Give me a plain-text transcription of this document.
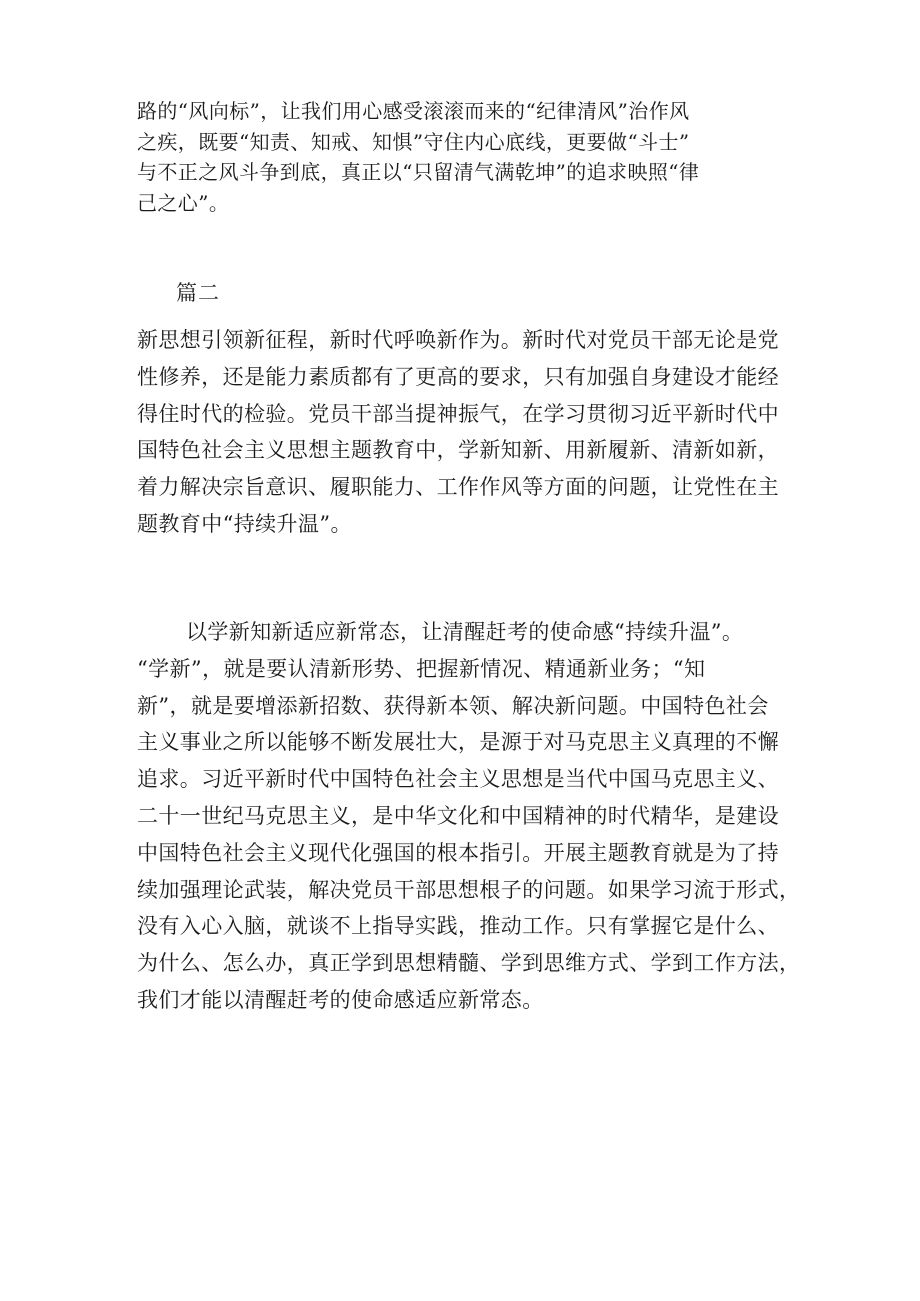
路的“风向标”，让我们用心感受滚滚而来的“纪律清风”治作风
之疾，既要“知责、知戒、知惧”守住内心底线，更要做“斗士”
与不正之风斗争到底，真正以“只留清气满乾坤”的追求映照“律
己之心”。
篇二
新思想引领新征程，新时代呼唤新作为。新时代对党员干部无论是党
性修养，还是能力素质都有了更高的要求，只有加强自身建设才能经
得住时代的检验。党员干部当提神振气，在学习贯彻习近平新时代中
国特色社会主义思想主题教育中，学新知新、用新履新、清新如新，
着力解决宗旨意识、履职能力、工作作风等方面的问题，让党性在主
题教育中“持续升温”。
以学新知新适应新常态，让清醒赶考的使命感“持续升温”。
“学新”，就是要认清新形势、把握新情况、精通新业务；“知
新”，就是要增添新招数、获得新本领、解决新问题。中国特色社会
主义事业之所以能够不断发展壮大，是源于对马克思主义真理的不懈
追求。习近平新时代中国特色社会主义思想是当代中国马克思主义、
二十一世纪马克思主义，是中华文化和中国精神的时代精华，是建设
中国特色社会主义现代化强国的根本指引。开展主题教育就是为了持
续加强理论武装，解决党员干部思想根子的问题。如果学习流于形式，
没有入心入脑，就谈不上指导实践，推动工作。只有掌握它是什么、
为什么、怎么办，真正学到思想精髓、学到思维方式、学到工作方法，
我们才能以清醒赶考的使命感适应新常态。
